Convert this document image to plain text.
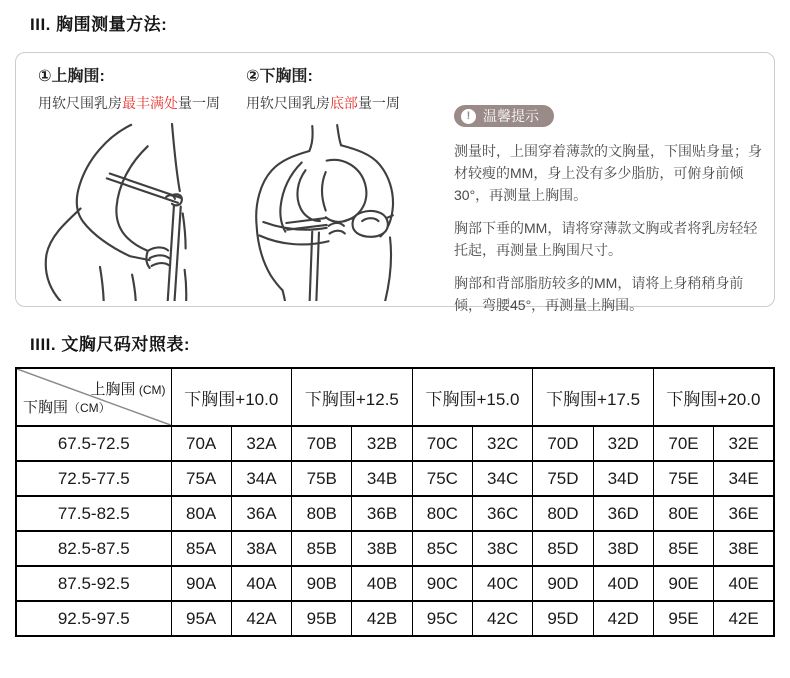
III. 胸围测量方法:
①上胸围:
用软尺围乳房最丰满处量一周
②下胸围:
用软尺围乳房底部量一周
! 温馨提示

测量时，上围穿着薄款的文胸量，下围贴身量；身材较瘦的MM，身上没有多少脂肪，可俯身前倾30°，再测量上胸围。

胸部下垂的MM，请将穿薄款文胸或者将乳房轻轻托起，再测量上胸围尺寸。

胸部和背部脂肪较多的MM，请将上身稍稍身前倾，弯腰45°，再测量上胸围。

IIII. 文胸尺码对照表:
上胸围 (CM)
下胸围（CM）	下胸围+10.0		下胸围+12.5		下胸围+15.0		下胸围+17.5		下胸围+20.0	
67.5-72.5	70A	32A	70B	32B	70C	32C	70D	32D	70E	32E
72.5-77.5	75A	34A	75B	34B	75C	34C	75D	34D	75E	34E
77.5-82.5	80A	36A	80B	36B	80C	36C	80D	36D	80E	36E
82.5-87.5	85A	38A	85B	38B	85C	38C	85D	38D	85E	38E
87.5-92.5	90A	40A	90B	40B	90C	40C	90D	40D	90E	40E
92.5-97.5	95A	42A	95B	42B	95C	42C	95D	42D	95E	42E
